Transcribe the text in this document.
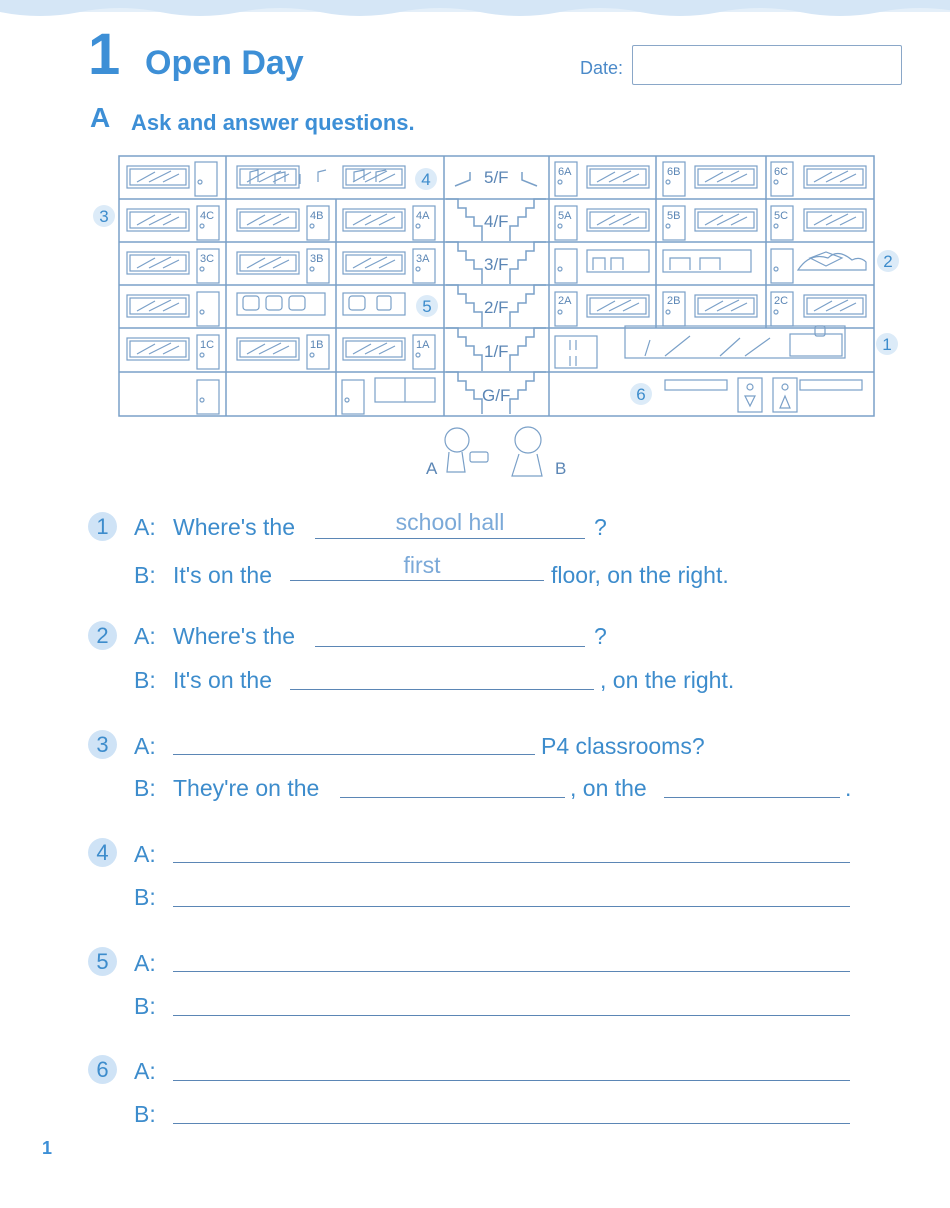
1 Open Day	Date:
A Ask and answer questions.
5/F
4/F
3/F
2/F
1/F
G/F
6A	6B	6C
5A	5B	5C
4C	4B	4A
3C	3B	3A
2A	2B	2C
1C	1B	1A	1
2
3
4
5
6
A	B
1	A: Where's the	school hall	?
B: It's on the	first	floor, on the right.
2	A: Where's the	?
B: It's on the	, on the right.
3	A:	P4 classrooms?
B: They're on the	, on the	.
4	A:
B:
5	A:
B:
6	A:
B:
1
